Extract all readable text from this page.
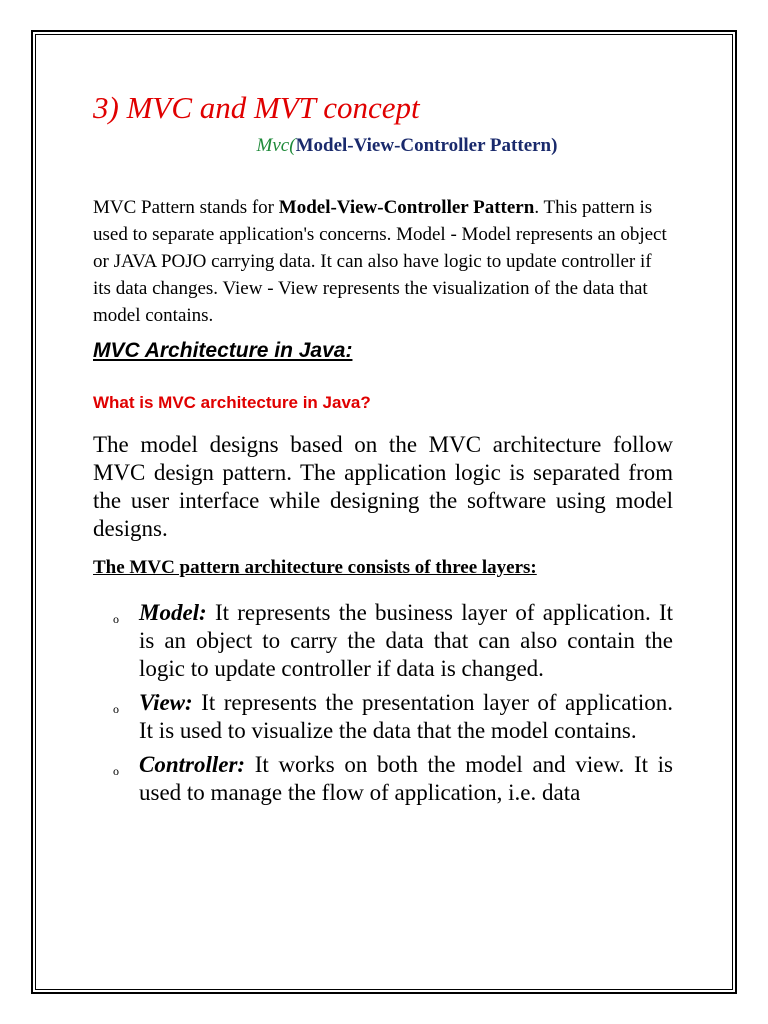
3) MVC and MVT concept

Mvc(Model-View-Controller Pattern)

MVC Pattern stands for Model-View-Controller Pattern. This pattern is used to separate application's concerns. Model - Model represents an object or JAVA POJO carrying data. It can also have logic to update controller if its data changes. View - View represents the visualization of the data that model contains.

MVC Architecture in Java:
What is MVC architecture in Java?

The model designs based on the MVC architecture follow MVC design pattern. The application logic is separated from the user interface while designing the software using model designs.

The MVC pattern architecture consists of three layers:

o Model: It represents the business layer of application. It is an object to carry the data that can also contain the logic to update controller if data is changed.
o View: It represents the presentation layer of application. It is used to visualize the data that the model contains.
o Controller: It works on both the model and view. It is used to manage the flow of application, i.e. data
